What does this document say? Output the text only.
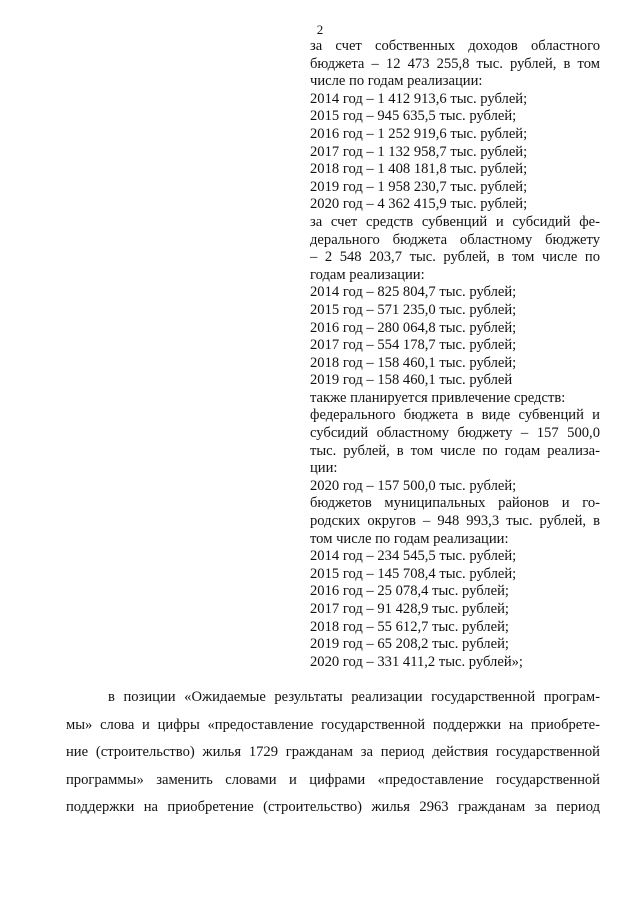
2
за счет собственных доходов областного
бюджета – 12 473 255,8 тыс. рублей, в том
числе по годам реализации:
2014 год – 1 412 913,6 тыс. рублей;
2015 год – 945 635,5 тыс. рублей;
2016 год – 1 252 919,6 тыс. рублей;
2017 год – 1 132 958,7 тыс. рублей;
2018 год – 1 408 181,8 тыс. рублей;
2019 год – 1 958 230,7 тыс. рублей;
2020 год – 4 362 415,9 тыс. рублей;
за счет средств субвенций и субсидий фе-
дерального бюджета областному бюджету
– 2 548 203,7 тыс. рублей, в том числе по
годам реализации:
2014 год – 825 804,7 тыс. рублей;
2015 год – 571 235,0 тыс. рублей;
2016 год – 280 064,8 тыс. рублей;
2017 год – 554 178,7 тыс. рублей;
2018 год – 158 460,1 тыс. рублей;
2019 год – 158 460,1 тыс. рублей
также планируется привлечение средств:
федерального бюджета в виде субвенций и
субсидий областному бюджету – 157 500,0
тыс. рублей, в том числе по годам реализа-
ции:
2020 год – 157 500,0 тыс. рублей;
бюджетов муниципальных районов и го-
родских округов – 948 993,3 тыс. рублей, в
том числе по годам реализации:
2014 год – 234 545,5 тыс. рублей;
2015 год – 145 708,4 тыс. рублей;
2016 год – 25 078,4 тыс. рублей;
2017 год – 91 428,9 тыс. рублей;
2018 год – 55 612,7 тыс. рублей;
2019 год – 65 208,2 тыс. рублей;
2020 год – 331 411,2 тыс. рублей»;
в позиции «Ожидаемые результаты реализации государственной програм-
мы» слова и цифры «предоставление государственной поддержки на приобрете-
ние (строительство) жилья 1729 гражданам за период действия государственной
программы» заменить словами и цифрами «предоставление государственной
поддержки на приобретение (строительство) жилья 2963 гражданам за период
